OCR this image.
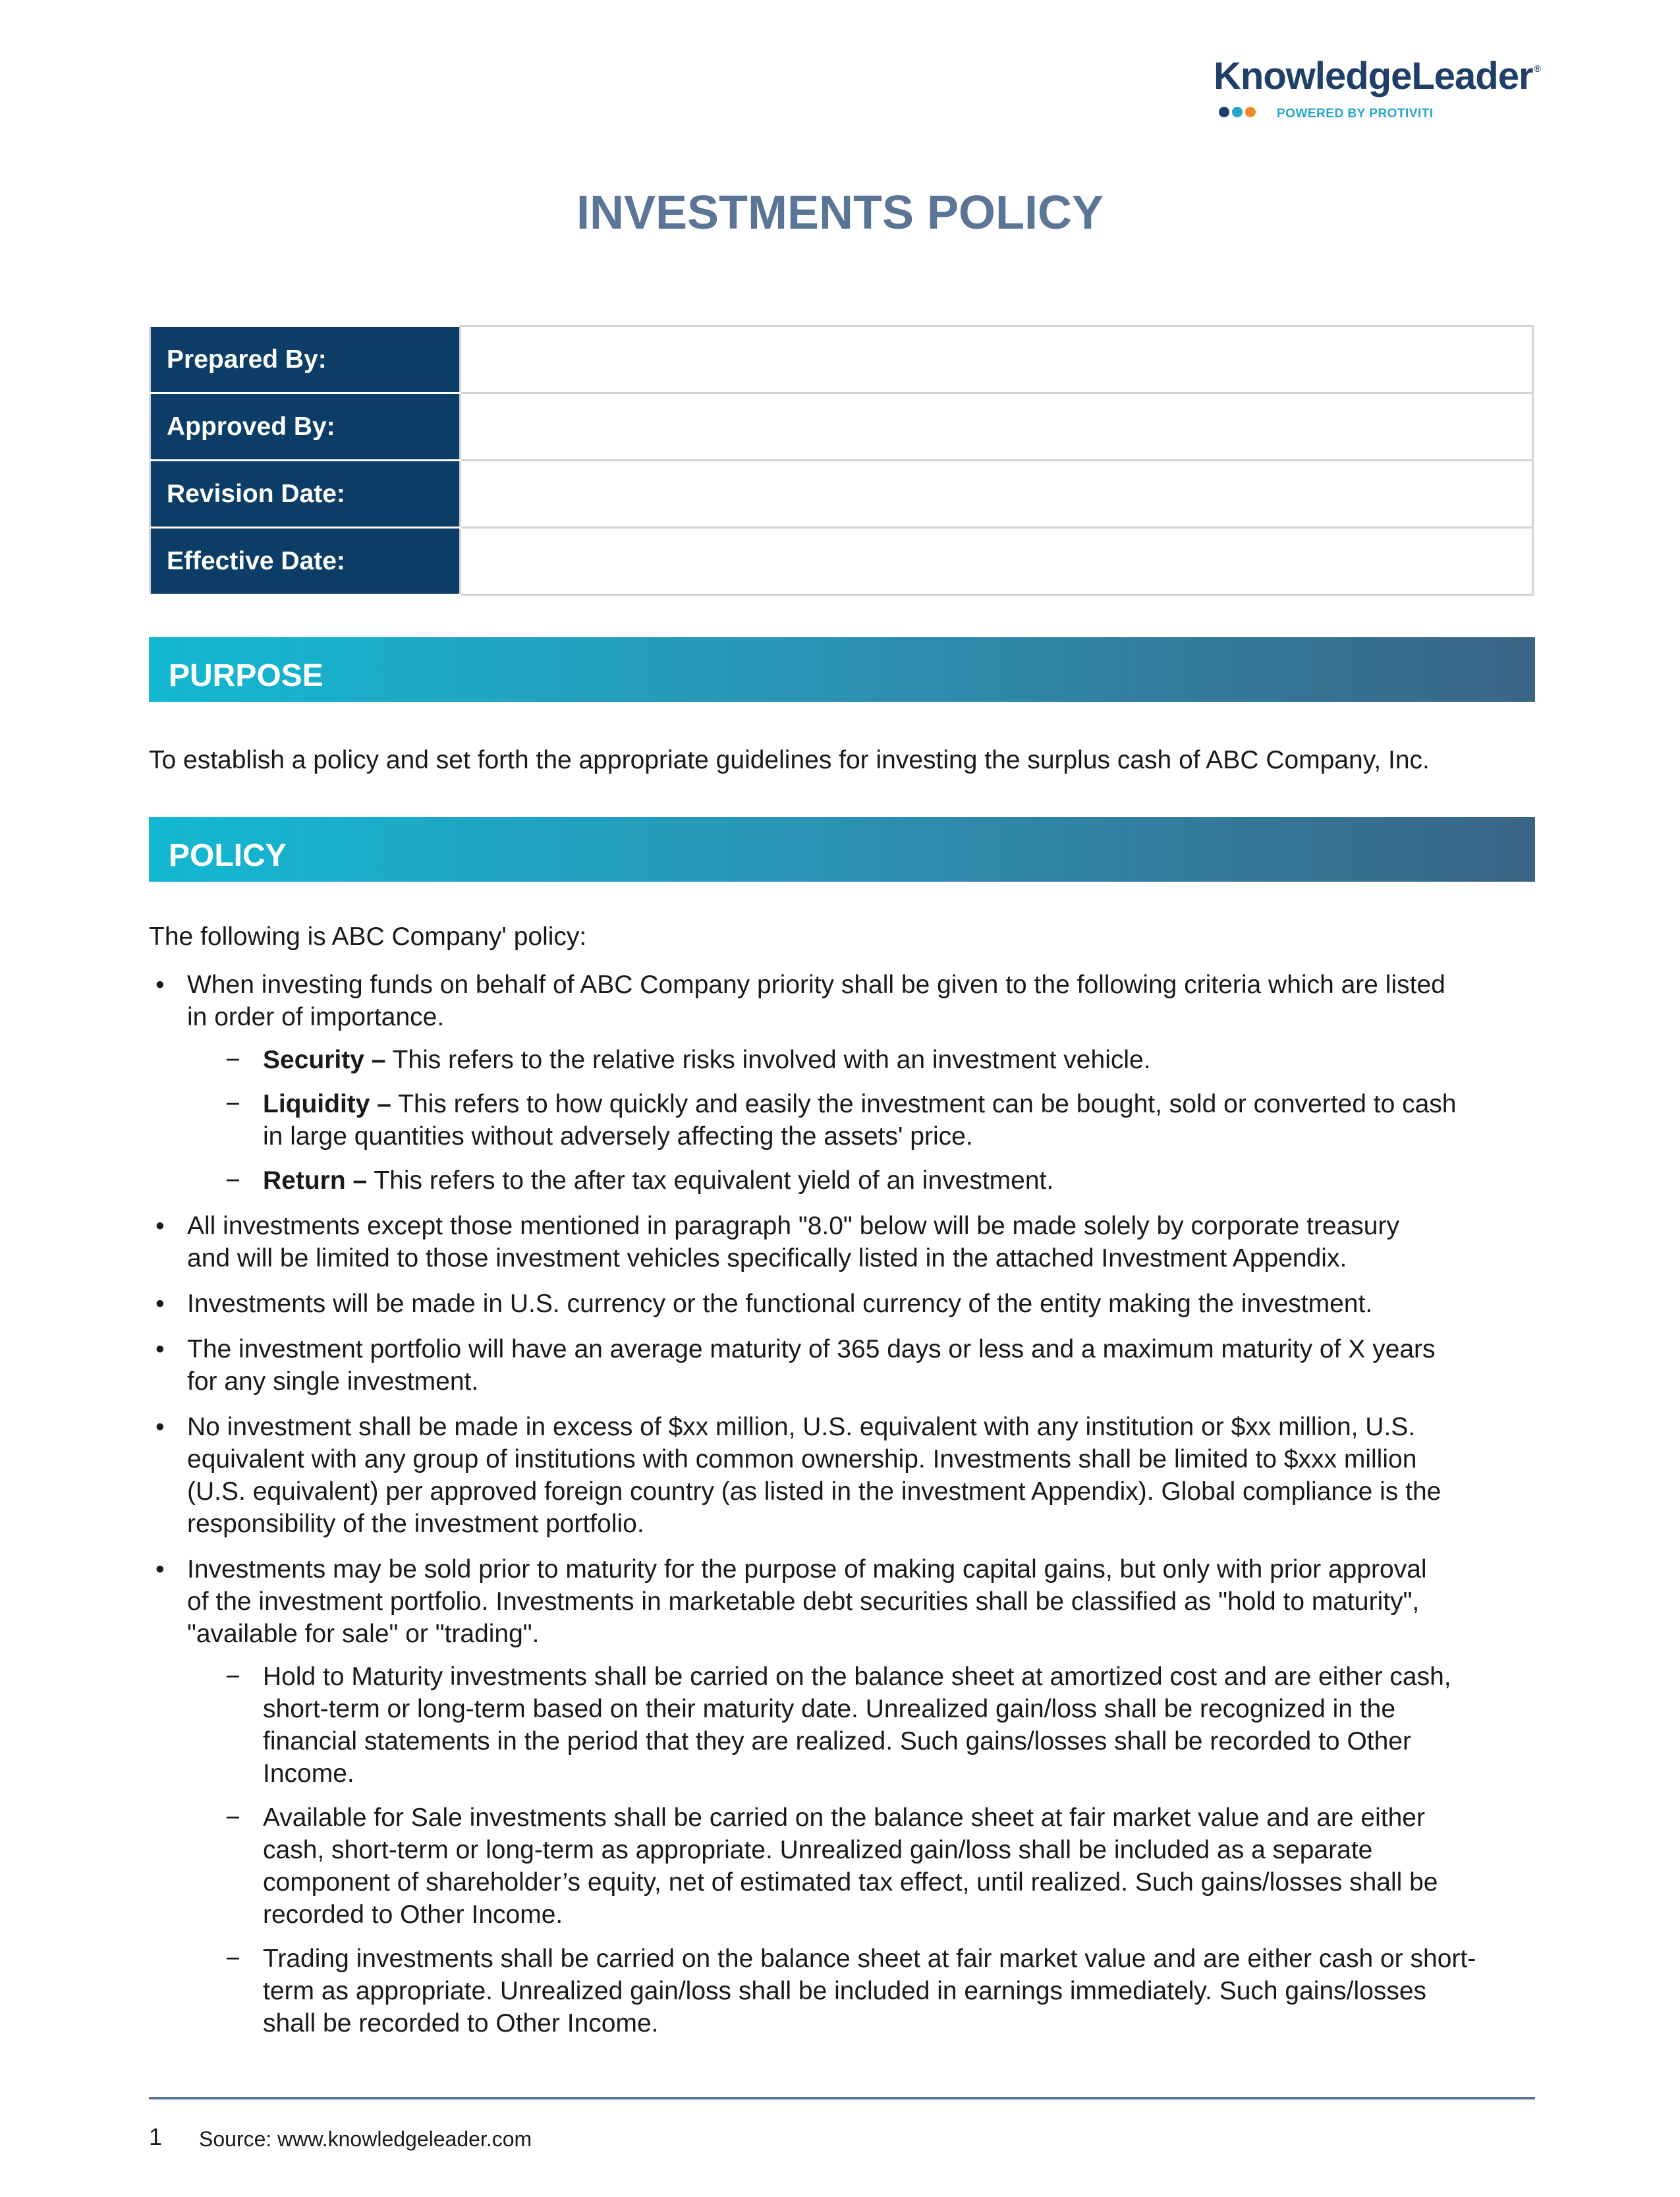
KnowledgeLeader ®
POWERED BY PROTIVITI
INVESTMENTS POLICY
Prepared By:	
Approved By:	
Revision Date:	
Effective Date:	
PURPOSE
To establish a policy and set forth the appropriate guidelines for investing the surplus cash of ABC Company, Inc.
POLICY
The following is ABC Company' policy:
• When investing funds on behalf of ABC Company priority shall be given to the following criteria which are listed
in order of importance.
− Security – This refers to the relative risks involved with an investment vehicle.
− Liquidity – This refers to how quickly and easily the investment can be bought, sold or converted to cash
in large quantities without adversely affecting the assets' price.
− Return – This refers to the after tax equivalent yield of an investment.
• All investments except those mentioned in paragraph "8.0" below will be made solely by corporate treasury
and will be limited to those investment vehicles specifically listed in the attached Investment Appendix.
• Investments will be made in U.S. currency or the functional currency of the entity making the investment.
• The investment portfolio will have an average maturity of 365 days or less and a maximum maturity of X years
for any single investment.
• No investment shall be made in excess of $xx million, U.S. equivalent with any institution or $xx million, U.S.
equivalent with any group of institutions with common ownership. Investments shall be limited to $xxx million
(U.S. equivalent) per approved foreign country (as listed in the investment Appendix). Global compliance is the
responsibility of the investment portfolio.
• Investments may be sold prior to maturity for the purpose of making capital gains, but only with prior approval
of the investment portfolio. Investments in marketable debt securities shall be classified as "hold to maturity",
"available for sale" or "trading".
− Hold to Maturity investments shall be carried on the balance sheet at amortized cost and are either cash,
short-term or long-term based on their maturity date. Unrealized gain/loss shall be recognized in the
financial statements in the period that they are realized. Such gains/losses shall be recorded to Other
Income.
− Available for Sale investments shall be carried on the balance sheet at fair market value and are either
cash, short-term or long-term as appropriate. Unrealized gain/loss shall be included as a separate
component of shareholder’s equity, net of estimated tax effect, until realized. Such gains/losses shall be
recorded to Other Income.
− Trading investments shall be carried on the balance sheet at fair market value and are either cash or short-
term as appropriate. Unrealized gain/loss shall be included in earnings immediately. Such gains/losses
shall be recorded to Other Income.
1 Source: www.knowledgeleader.com
